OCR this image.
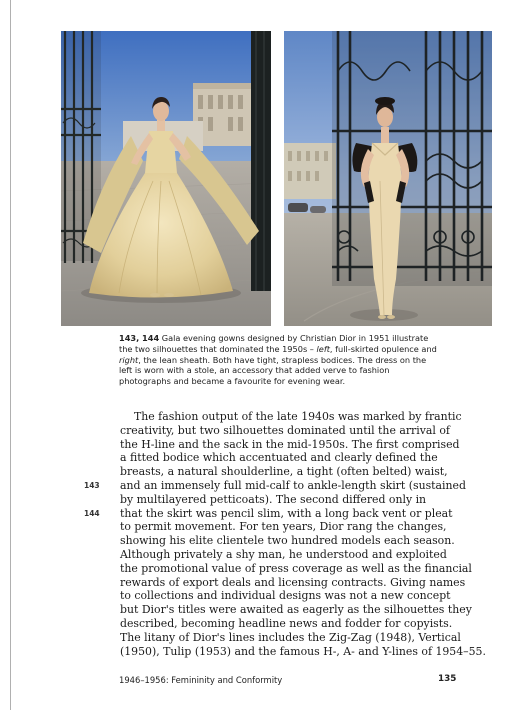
143, 144 Gala evening gowns designed by Christian Dior in 1951 illustrate the two silhouettes that dominated the 1950s – left, full-skirted opulence and right, the lean sheath. Both have tight, strapless bodices. The dress on the left is worn with a stole, an accessory that added verve to fashion photographs and became a favourite for evening wear.
143
144
The fashion output of the late 1940s was marked by frantic
creativity, but two silhouettes dominated until the arrival of
the H-line and the sack in the mid-1950s. The first comprised
a fitted bodice which accentuated and clearly defined the
breasts, a natural shoulderline, a tight (often belted) waist,
and an immensely full mid-calf to ankle-length skirt (sustained
by multilayered petticoats). The second differed only in
that the skirt was pencil slim, with a long back vent or pleat
to permit movement. For ten years, Dior rang the changes,
showing his elite clientele two hundred models each season.
Although privately a shy man, he understood and exploited
the promotional value of press coverage as well as the financial
rewards of export deals and licensing contracts. Giving names
to collections and individual designs was not a new concept
but Dior's titles were awaited as eagerly as the silhouettes they
described, becoming headline news and fodder for copyists.
The litany of Dior's lines includes the Zig-Zag (1948), Vertical
(1950), Tulip (1953) and the famous H-, A- and Y-lines of 1954–55.
1946–1956: Femininity and Conformity	135
